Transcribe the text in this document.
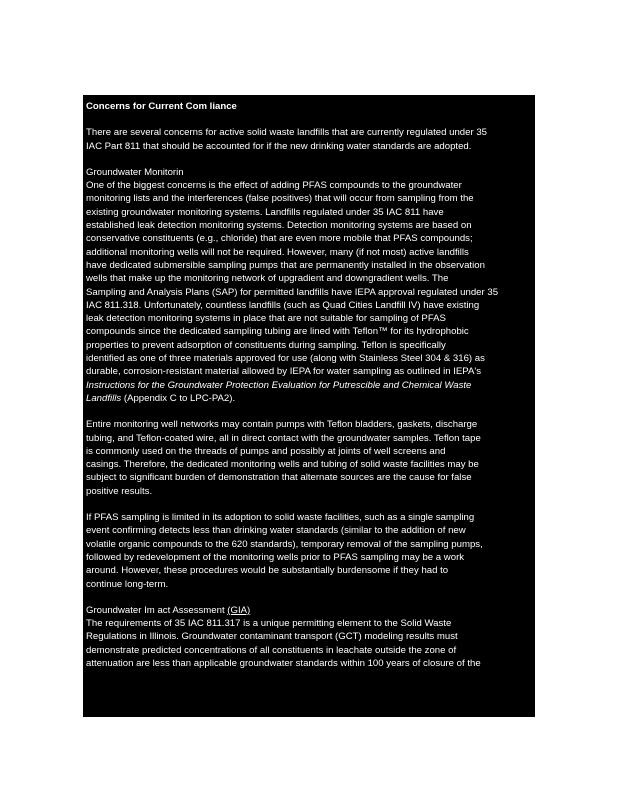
Concerns for Current Com liance

There are several concerns for active solid waste landfills that are currently regulated under 35
IAC Part 811 that should be accounted for if the new drinking water standards are adopted.

Groundwater Monitorin

One of the biggest concerns is the effect of adding PFAS compounds to the groundwater
monitoring lists and the interferences (false positives) that will occur from sampling from the
existing groundwater monitoring systems. Landfills regulated under 35 IAC 811 have
established leak detection monitoring systems. Detection monitoring systems are based on
conservative constituents (e.g., chloride) that are even more mobile that PFAS compounds;
additional monitoring wells will not be required. However, many (if not most) active landfills
have dedicated submersible sampling pumps that are permanently installed in the observation
wells that make up the monitoring network of upgradient and downgradient wells. The
Sampling and Analysis Plans (SAP) for permitted landfills have IEPA approval regulated under 35
IAC 811.318. Unfortunately, countless landfills (such as Quad Cities Landfill IV) have existing
leak detection monitoring systems in place that are not suitable for sampling of PFAS
compounds since the dedicated sampling tubing are lined with Teflon™ for its hydrophobic
properties to prevent adsorption of constituents during sampling. Teflon is specifically
identified as one of three materials approved for use (along with Stainless Steel 304 & 316) as
durable, corrosion-resistant material allowed by IEPA for water sampling as outlined in IEPA's
Instructions for the Groundwater Protection Evaluation for Putrescible and Chemical Waste
Landfills (Appendix C to LPC-PA2).

Entire monitoring well networks may contain pumps with Teflon bladders, gaskets, discharge
tubing, and Teflon-coated wire, all in direct contact with the groundwater samples. Teflon tape
is commonly used on the threads of pumps and possibly at joints of well screens and
casings. Therefore, the dedicated monitoring wells and tubing of solid waste facilities may be
subject to significant burden of demonstration that alternate sources are the cause for false
positive results.

If PFAS sampling is limited in its adoption to solid waste facilities, such as a single sampling
event confirming detects less than drinking water standards (similar to the addition of new
volatile organic compounds to the 620 standards), temporary removal of the sampling pumps,
followed by redevelopment of the monitoring wells prior to PFAS sampling may be a work
around. However, these procedures would be substantially burdensome if they had to
continue long-term.

Groundwater Im act Assessment (GIA)

The requirements of 35 IAC 811.317 is a unique permitting element to the Solid Waste
Regulations in Illinois. Groundwater contaminant transport (GCT) modeling results must
demonstrate predicted concentrations of all constituents in leachate outside the zone of
attenuation are less than applicable groundwater standards within 100 years of closure of the
